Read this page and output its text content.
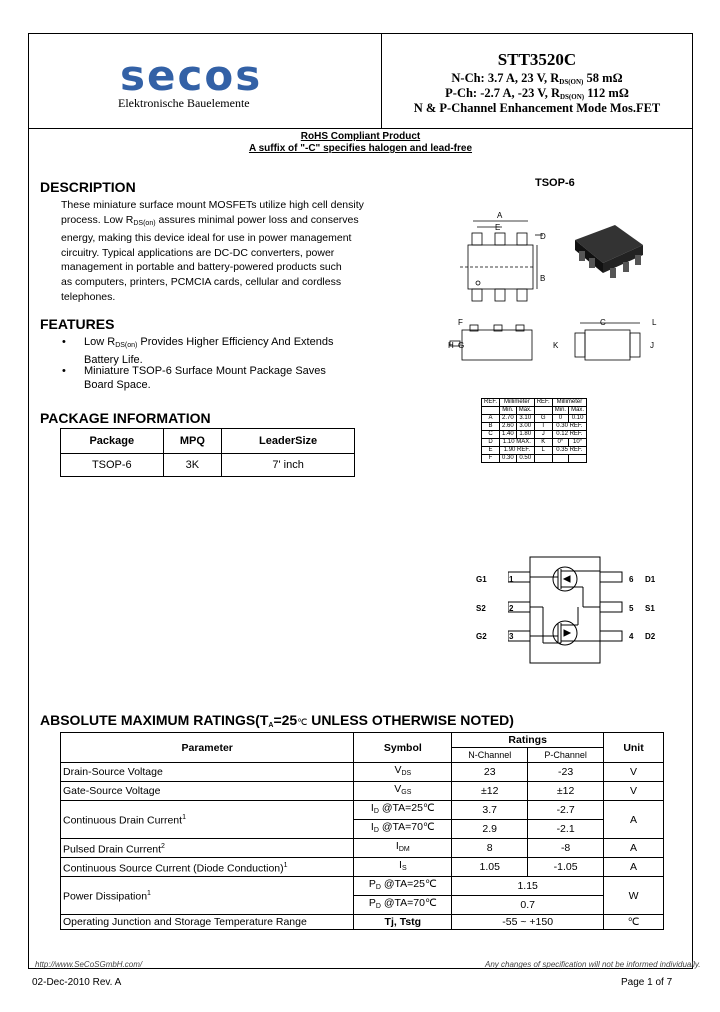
secos
Elektronische Bauelemente
STT3520C
N-Ch: 3.7 A, 23 V, $R_{DS(ON)}$ 58 mΩ
P-Ch: -2.7 A, -23 V, $R_{DS(ON)}$ 112 mΩ
N & P-Channel Enhancement Mode Mos.FET
RoHS Compliant Product
A suffix of "-C" specifies halogen and lead-free
DESCRIPTION
These miniature surface mount MOSFETs utilize high cell density
process. Low $R_{DS(on)}$ assures minimal power loss and conserves
energy, making this device ideal for use in power management
circuitry. Typical applications are DC-DC converters, power
management in portable and battery-powered products such
as computers, printers, PCMCIA cards, cellular and cordless
telephones.
FEATURES
• Low $R_{DS(on)}$ Provides Higher Efficiency And Extends
Battery Life.
• Miniature TSOP-6 Surface Mount Package Saves
Board Space.
PACKAGE INFORMATION
Package	MPQ	LeaderSize
TSOP-6	3K	7' inch
TSOP-6
A
E
D
B
C
F
G
H	K
L
J
REF.	Millimeter		REF.	Millimeter	
	Min.	Max.		Min.	Max.
A	2.70	3.10	G	0	0.10
B	2.60	3.00	I	0.30 REF.	
C	1.40	1.80	J	0.12 REF.	
D	1.10 MAX.		K	0°	10°
E	1.90 REF.		L	0.35 REF.	
F	0.30	0.50			
G1	1
S2	2
G2	3
6 D1
5 S1
4 D2
ABSOLUTE MAXIMUM $RATINGS(T_A=25℃$ UNLESS OTHERWISE NOTED)
Parameter	Symbol	Ratings		Unit
		N-Channel	P-Channel	
Drain-Source Voltage	$V_{DS}$	23	-23	V
Gate-Source Voltage	$V_{GS}$	±12	±12	V
Continuous Drain Current$^1$	$I_D$ @TA=25℃	3.7	-2.7	A
	$I_D$ @TA=70℃	2.9	-2.1	
Pulsed Drain Current$^2$	$I_{DM}$	8	-8	A
Continuous Source Current (Diode Conduction)$^1$	$I_S$	1.05	-1.05	A
Power Dissipation$^1$	$P_D$ @TA=25℃	1.15		W
	$P_D$ @TA=70℃	0.7		
Operating Junction and Storage Temperature Range	Tj, Tstg	-55 ~ +150		℃
http://www.SeCoSGmbH.com/	Any changes of specification will not be informed individually.
02-Dec-2010 Rev. A	Page 1 of 7
